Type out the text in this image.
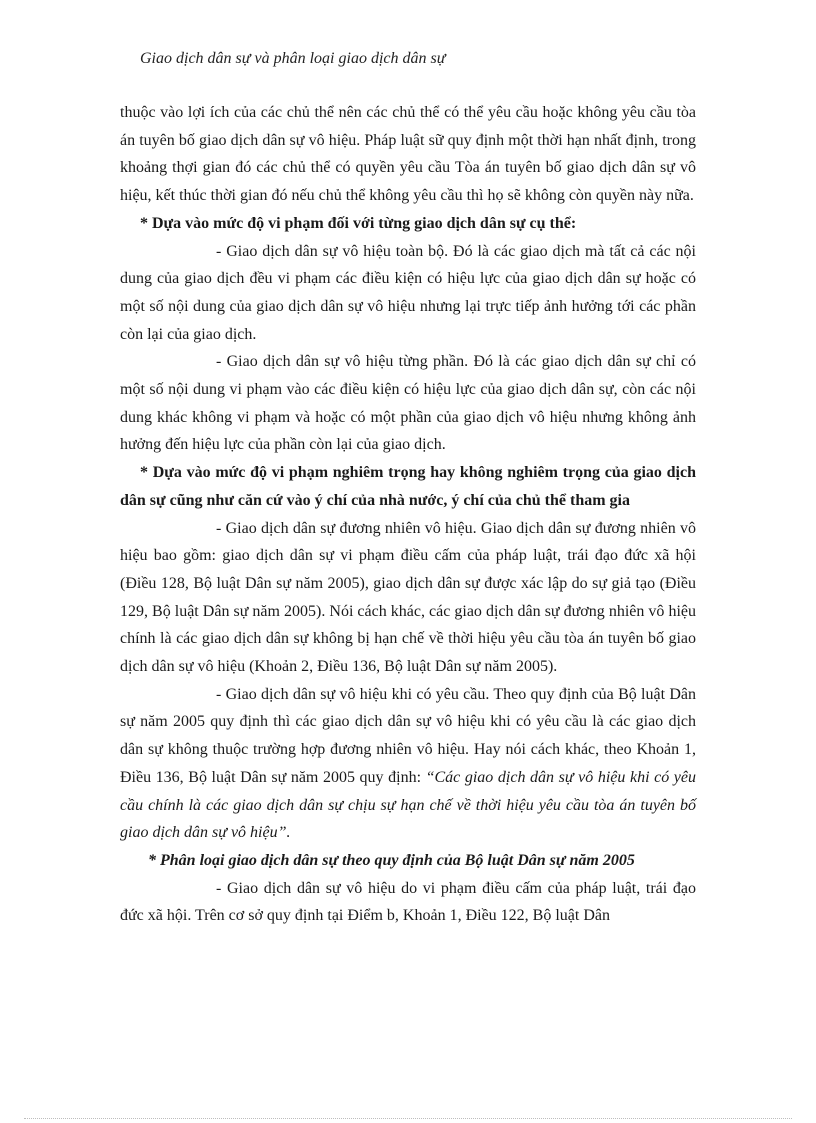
Giao dịch dân sự và phân loại giao dịch dân sự

thuộc vào lợi ích của các chủ thể nên các chủ thể có thể yêu cầu hoặc không yêu cầu tòa án tuyên bố giao dịch dân sự vô hiệu. Pháp luật sữ quy định một thời hạn nhất định, trong khoảng thợi gian đó các chủ thể có quyền yêu cầu Tòa án tuyên bố giao dịch dân sự vô hiệu, kết thúc thời gian đó nếu chủ thể không yêu cầu thì họ sẽ không còn quyền này nữa.

* Dựa vào mức độ vi phạm đối với từng giao dịch dân sự cụ thể:

- Giao dịch dân sự vô hiệu toàn bộ. Đó là các giao dịch mà tất cả các nội dung của giao dịch đều vi phạm các điều kiện có hiệu lực của giao dịch dân sự hoặc có một số nội dung của giao dịch dân sự vô hiệu nhưng lại trực tiếp ảnh hưởng tới các phần còn lại của giao dịch.

- Giao dịch dân sự vô hiệu từng phần. Đó là các giao dịch dân sự chỉ có một số nội dung vi phạm vào các điều kiện có hiệu lực của giao dịch dân sự, còn các nội dung khác không vi phạm và hoặc có một phần của giao dịch vô hiệu nhưng không ảnh hưởng đến hiệu lực của phần còn lại của giao dịch.

* Dựa vào mức độ vi phạm nghiêm trọng hay không nghiêm trọng của giao dịch dân sự cũng như căn cứ vào ý chí của nhà nước, ý chí của chủ thể tham gia

- Giao dịch dân sự đương nhiên vô hiệu. Giao dịch dân sự đương nhiên vô hiệu bao gồm: giao dịch dân sự vi phạm điều cấm của pháp luật, trái đạo đức xã hội (Điều 128, Bộ luật Dân sự năm 2005), giao dịch dân sự được xác lập do sự giả tạo (Điều 129, Bộ luật Dân sự năm 2005). Nói cách khác, các giao dịch dân sự đương nhiên vô hiệu chính là các giao dịch dân sự không bị hạn chế về thời hiệu yêu cầu tòa án tuyên bố giao dịch dân sự vô hiệu (Khoản 2, Điều 136, Bộ luật Dân sự năm 2005).

- Giao dịch dân sự vô hiệu khi có yêu cầu. Theo quy định của Bộ luật Dân sự năm 2005 quy định thì các giao dịch dân sự vô hiệu khi có yêu cầu là các giao dịch dân sự không thuộc trường hợp đương nhiên vô hiệu. Hay nói cách khác, theo Khoản 1, Điều 136, Bộ luật Dân sự năm 2005 quy định: “Các giao dịch dân sự vô hiệu khi có yêu cầu chính là các giao dịch dân sự chịu sự hạn chế về thời hiệu yêu cầu tòa án tuyên bố giao dịch dân sự vô hiệu”.

* Phân loại giao dịch dân sự theo quy định của Bộ luật Dân sự năm 2005

- Giao dịch dân sự vô hiệu do vi phạm điều cấm của pháp luật, trái đạo đức xã hội. Trên cơ sở quy định tại Điểm b, Khoản 1, Điều 122, Bộ luật Dân
